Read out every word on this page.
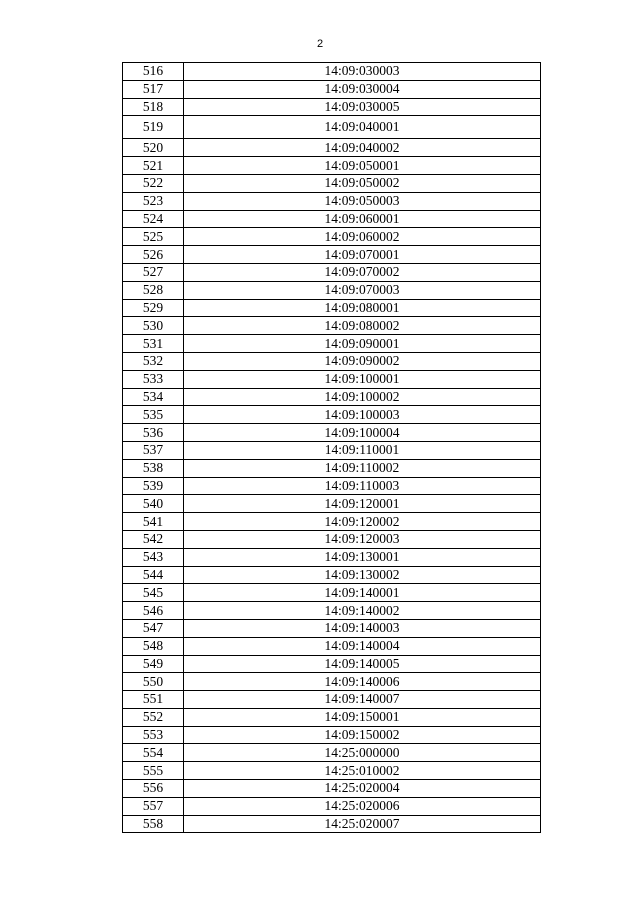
2
516	14:09:030003
517	14:09:030004
518	14:09:030005
519	14:09:040001
520	14:09:040002
521	14:09:050001
522	14:09:050002
523	14:09:050003
524	14:09:060001
525	14:09:060002
526	14:09:070001
527	14:09:070002
528	14:09:070003
529	14:09:080001
530	14:09:080002
531	14:09:090001
532	14:09:090002
533	14:09:100001
534	14:09:100002
535	14:09:100003
536	14:09:100004
537	14:09:110001
538	14:09:110002
539	14:09:110003
540	14:09:120001
541	14:09:120002
542	14:09:120003
543	14:09:130001
544	14:09:130002
545	14:09:140001
546	14:09:140002
547	14:09:140003
548	14:09:140004
549	14:09:140005
550	14:09:140006
551	14:09:140007
552	14:09:150001
553	14:09:150002
554	14:25:000000
555	14:25:010002
556	14:25:020004
557	14:25:020006
558	14:25:020007
